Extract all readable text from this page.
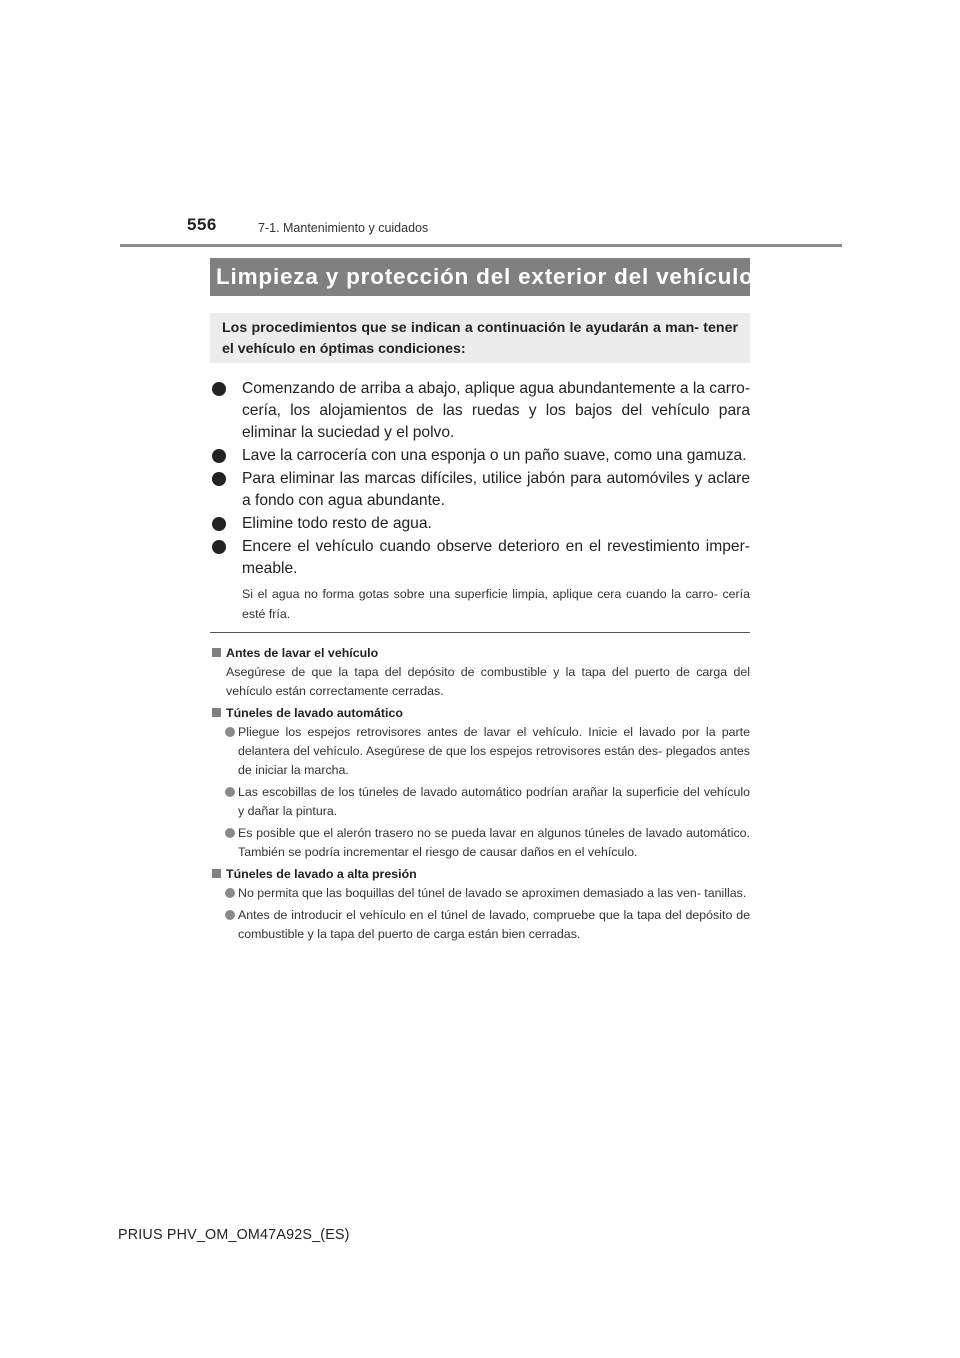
556	7-1. Mantenimiento y cuidados
Limpieza y protección del exterior del vehículo
Los procedimientos que se indican a continuación le ayudarán a man- tener el vehículo en óptimas condiciones:
Comenzando de arriba a abajo, aplique agua abundantemente a la carro- cería, los alojamientos de las ruedas y los bajos del vehículo para eliminar la suciedad y el polvo.
Lave la carrocería con una esponja o un paño suave, como una gamuza.
Para eliminar las marcas difíciles, utilice jabón para automóviles y aclare a fondo con agua abundante.
Elimine todo resto de agua.
Encere el vehículo cuando observe deterioro en el revestimiento imper- meable.
Si el agua no forma gotas sobre una superficie limpia, aplique cera cuando la carro- cería esté fría.
Antes de lavar el vehículo
Asegúrese de que la tapa del depósito de combustible y la tapa del puerto de carga del vehículo están correctamente cerradas.
Túneles de lavado automático
Pliegue los espejos retrovisores antes de lavar el vehículo. Inicie el lavado por la parte delantera del vehículo. Asegúrese de que los espejos retrovisores están des- plegados antes de iniciar la marcha.
Las escobillas de los túneles de lavado automático podrían arañar la superficie del vehículo y dañar la pintura.
Es posible que el alerón trasero no se pueda lavar en algunos túneles de lavado automático. También se podría incrementar el riesgo de causar daños en el vehículo.
Túneles de lavado a alta presión
No permita que las boquillas del túnel de lavado se aproximen demasiado a las ven- tanillas.
Antes de introducir el vehículo en el túnel de lavado, compruebe que la tapa del depósito de combustible y la tapa del puerto de carga están bien cerradas.
PRIUS PHV_OM_OM47A92S_(ES)
